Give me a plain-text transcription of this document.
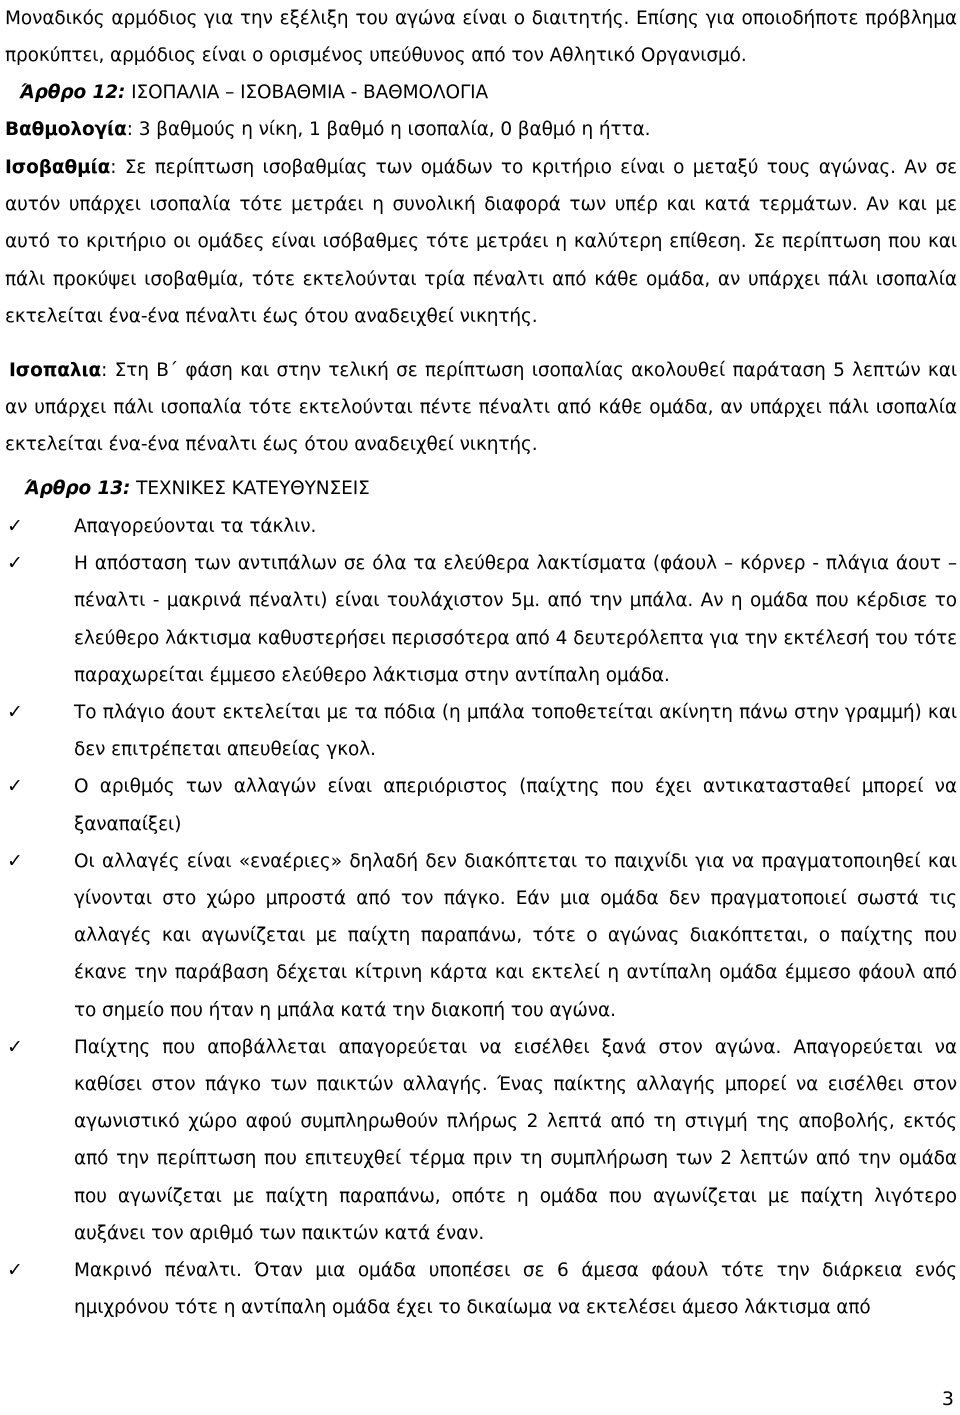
Μοναδικός αρμόδιος για την εξέλιξη του αγώνα είναι ο διαιτητής. Επίσης για οποιοδήποτε πρόβλημα προκύπτει, αρμόδιος είναι ο ορισμένος υπεύθυνος από τον Αθλητικό Οργανισμό.

Άρθρο 12: ΙΣΟΠΑΛΙΑ – ΙΣΟΒΑΘΜΙΑ - ΒΑΘΜΟΛΟΓΙΑ
Βαθμολογία: 3 βαθμούς η νίκη, 1 βαθμό η ισοπαλία, 0 βαθμό η ήττα.
Ισοβαθμία: Σε περίπτωση ισοβαθμίας των ομάδων το κριτήριο είναι ο μεταξύ τους αγώνας. Αν σε αυτόν υπάρχει ισοπαλία τότε μετράει η συνολική διαφορά των υπέρ και κατά τερμάτων. Αν και με αυτό το κριτήριο οι ομάδες είναι ισόβαθμες τότε μετράει η καλύτερη επίθεση. Σε περίπτωση που και πάλι προκύψει ισοβαθμία, τότε εκτελούνται τρία πέναλτι από κάθε ομάδα, αν υπάρχει πάλι ισοπαλία εκτελείται ένα-ένα πέναλτι έως ότου αναδειχθεί νικητής.
Ισοπαλια: Στη Β΄ φάση και στην τελική σε περίπτωση ισοπαλίας ακολουθεί παράταση 5 λεπτών και αν υπάρχει πάλι ισοπαλία τότε εκτελούνται πέντε πέναλτι από κάθε ομάδα, αν υπάρχει πάλι ισοπαλία εκτελείται ένα-ένα πέναλτι έως ότου αναδειχθεί νικητής.
Άρθρο 13: ΤΕΧΝΙΚΕΣ ΚΑΤΕΥΘΥΝΣΕΙΣ
✓	Απαγορεύονται τα τάκλιν.
✓	Η απόσταση των αντιπάλων σε όλα τα ελεύθερα λακτίσματα (φάουλ – κόρνερ - πλάγια άουτ –πέναλτι - μακρινά πέναλτι) είναι τουλάχιστον 5μ. από την μπάλα. Αν η ομάδα που κέρδισε το ελεύθερο λάκτισμα καθυστερήσει περισσότερα από 4 δευτερόλεπτα για την εκτέλεσή του τότε παραχωρείται έμμεσο ελεύθερο λάκτισμα στην αντίπαλη ομάδα.
✓	Το πλάγιο άουτ εκτελείται με τα πόδια (η μπάλα τοποθετείται ακίνητη πάνω στην γραμμή) και δεν επιτρέπεται απευθείας γκολ.
✓	Ο αριθμός των αλλαγών είναι απεριόριστος (παίχτης που έχει αντικατασταθεί μπορεί να ξαναπαίξει)
✓	Οι αλλαγές είναι «εναέριες» δηλαδή δεν διακόπτεται το παιχνίδι για να πραγματοποιηθεί και γίνονται στο χώρο μπροστά από τον πάγκο. Εάν μια ομάδα δεν πραγματοποιεί σωστά τις αλλαγές και αγωνίζεται με παίχτη παραπάνω, τότε ο αγώνας διακόπτεται, ο παίχτης που έκανε την παράβαση δέχεται κίτρινη κάρτα και εκτελεί η αντίπαλη ομάδα έμμεσο φάουλ από το σημείο που ήταν η μπάλα κατά την διακοπή του αγώνα.
✓	Παίχτης που αποβάλλεται απαγορεύεται να εισέλθει ξανά στον αγώνα. Απαγορεύεται να καθίσει στον πάγκο των παικτών αλλαγής. Ένας παίκτης αλλαγής μπορεί να εισέλθει στον αγωνιστικό χώρο αφού συμπληρωθούν πλήρως 2 λεπτά από τη στιγμή της αποβολής, εκτός από την περίπτωση που επιτευχθεί τέρμα πριν τη συμπλήρωση των 2 λεπτών από την ομάδα που αγωνίζεται με παίχτη παραπάνω, οπότε η ομάδα που αγωνίζεται με παίχτη λιγότερο αυξάνει τον αριθμό των παικτών κατά έναν.
✓	Μακρινό πέναλτι. Όταν μια ομάδα υποπέσει σε 6 άμεσα φάουλ τότε την διάρκεια ενός ημιχρόνου τότε η αντίπαλη ομάδα έχει το δικαίωμα να εκτελέσει άμεσο λάκτισμα από
3
